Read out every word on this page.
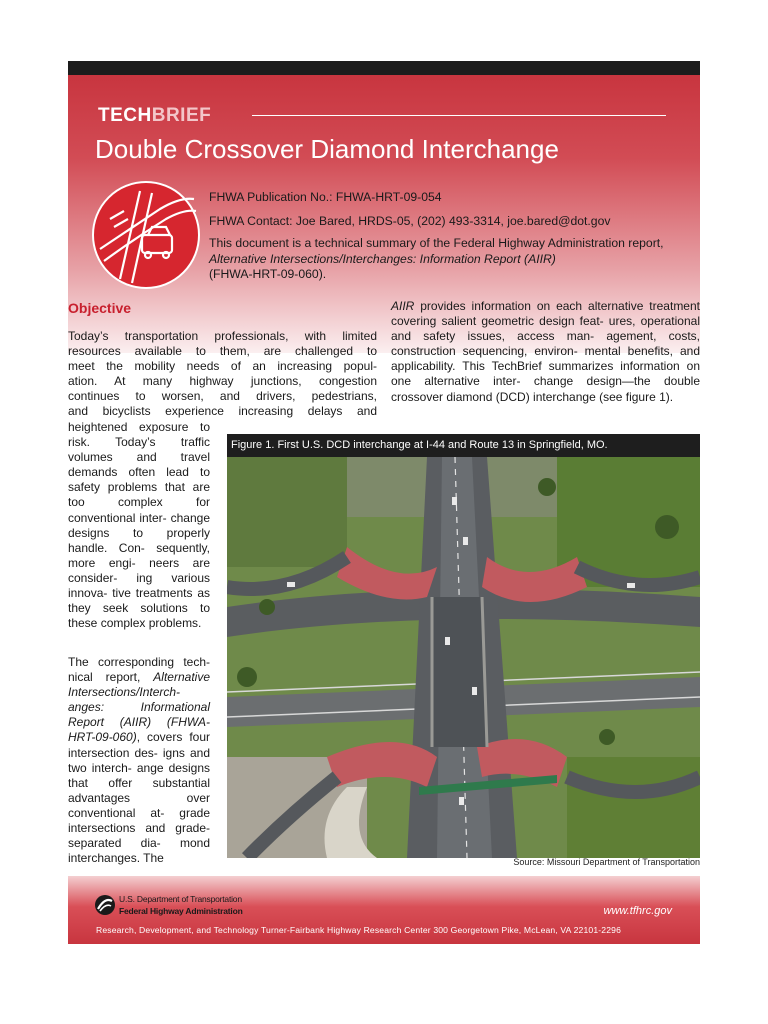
TECHBRIEF
Double Crossover Diamond Interchange
FHWA Publication No.: FHWA-HRT-09-054
FHWA Contact: Joe Bared, HRDS-05, (202) 493-3314, joe.bared@dot.gov
This document is a technical summary of the Federal Highway Administration report, Alternative Intersections/Interchanges: Information Report (AIIR)
(FHWA-HRT-09-060).
Objective
Today’s transportation professionals, with limited
resources available to them, are challenged to
meet the mobility needs of an increasing popul-
ation. At many highway junctions, congestion
continues to worsen, and drivers, pedestrians,
and bicyclists experience increasing delays and
heightened exposure to risk. Today’s traffic volumes and travel demands often lead to safety problems that are too complex for conventional inter- change designs to properly handle. Con- sequently, more engi- neers are consider- ing various innova- tive treatments as they seek solutions to these complex problems.
The corresponding tech- nical report, Alternative Intersections/Interch- anges: Informational Report (AIIR) (FHWA- HRT-09-060), covers four intersection des- igns and two interch- ange designs that offer substantial advantages over conventional at- grade intersections and grade-separated dia- mond interchanges. The
AIIR provides information on each alternative treatment covering salient geometric design feat- ures, operational and safety issues, access man- agement, costs, construction sequencing, environ- mental benefits, and applicability. This TechBrief summarizes information on one alternative inter- change design—the double crossover diamond (DCD) interchange (see figure 1).
Figure 1. First U.S. DCD interchange at I-44 and Route 13 in Springfield, MO.
Source: Missouri Department of Transportation
U.S. Department of Transportation
Federal Highway Administration	www.tfhrc.gov
Research, Development, and Technology Turner-Fairbank Highway Research Center 300 Georgetown Pike, McLean, VA 22101-2296
